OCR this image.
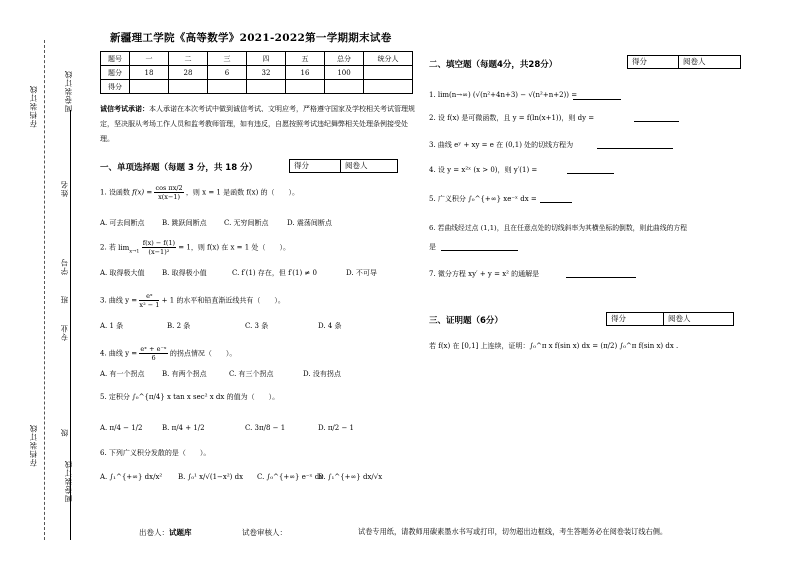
存档装订线	阅卷装订线
姓名
学号
班
专业
级
存档装订线
阅卷装订线
新疆理工学院《高等数学》2021-2022第一学期期末试卷
题号	一	二	三	四	五	总分	统分人
题分	18	28	6	32	16	100	
得分							
诚信考试承诺：本人承诺在本次考试中做到诚信考试、文明应考，严格遵守国家及学校相关考试管理规定，坚决服从考场工作人员和监考教师管理，如有违反，自愿按照考试违纪舞弊相关处理条例接受处理。
一、单项选择题（每题 3 分，共 18 分）	得分	阅卷人
1. 设函数 $f(x) = \frac{\text{cos πx/2}}{x(x-1)}$ ，则 x = 1 是函数 f(x) 的（　　）。
A. 可去间断点 B. 跳跃间断点 C. 无穷间断点	D. 震荡间断点
2. 若 $\lim_{x\to 1} \frac{f(x) - f(1)}{\text{(x−1)²}} = 1$，则 f(x) 在 x = 1 处（　　）。
A. 取得极大值 B. 取得极小值	C. f′(1) 存在，但 f′(1) ≠ 0	D. 不可导
3. 曲线 $y = \frac{\text{eˣ}}{\text{x² − 1}} + 1$ 的水平和铅直渐近线共有（　　）。
A. 1 条	B. 2 条	C. 3 条	D. 4 条
4. 曲线 $y = \frac{\text{eˣ + e⁻ˣ}}{6}$ 的拐点情况（　　）。
A. 有一个拐点 B. 有两个拐点	C. 有三个拐点	D. 没有拐点
5. 定积分 ∫₀^{π/4} x tan x sec² x dx 的值为（　　）。
A. π/4 − 1/2	B. π/4 + 1/2	C. 3π/8 − 1	D. π/2 − 1
6. 下列广义积分发散的是（　　）。
A. ∫₁^{+∞} dx/x² B. ∫₀¹ x/√(1−x²) dx C. ∫₀^{+∞} e⁻ˣ dx
D. ∫₁^{+∞} dx/√x
二、填空题（每题4分，共28分）	得分	阅卷人
1. lim(n→∞) (√(n²+4n+3) − √(n²+n+2)) =
2. 设 f(x) 是可微函数，且 y = f(ln(x+1))，则 dy =
3. 曲线 eʸ + xy = e 在 (0,1) 处的切线方程为
4. 设 y = x²ˣ (x > 0)，则 y′(1) =
5. 广义积分 ∫₀^{+∞} xe⁻ˣ dx =
6. 若曲线经过点 (1,1)，且在任意点处的切线斜率为其横坐标的倒数，则此曲线的方程
是
7. 微分方程 xy′ + y = x² 的通解是
三、证明题（6分）	得分	阅卷人
若 f(x) 在 [0,1] 上连续，证明：∫₀^π x f(sin x) dx = (π/2) ∫₀^π f(sin x) dx .
出卷人：试题库	试卷审核人：	试卷专用纸，请教师用碳素墨水书写或打印，切勿超出边框线，考生答题务必在阅卷装订线右侧。
